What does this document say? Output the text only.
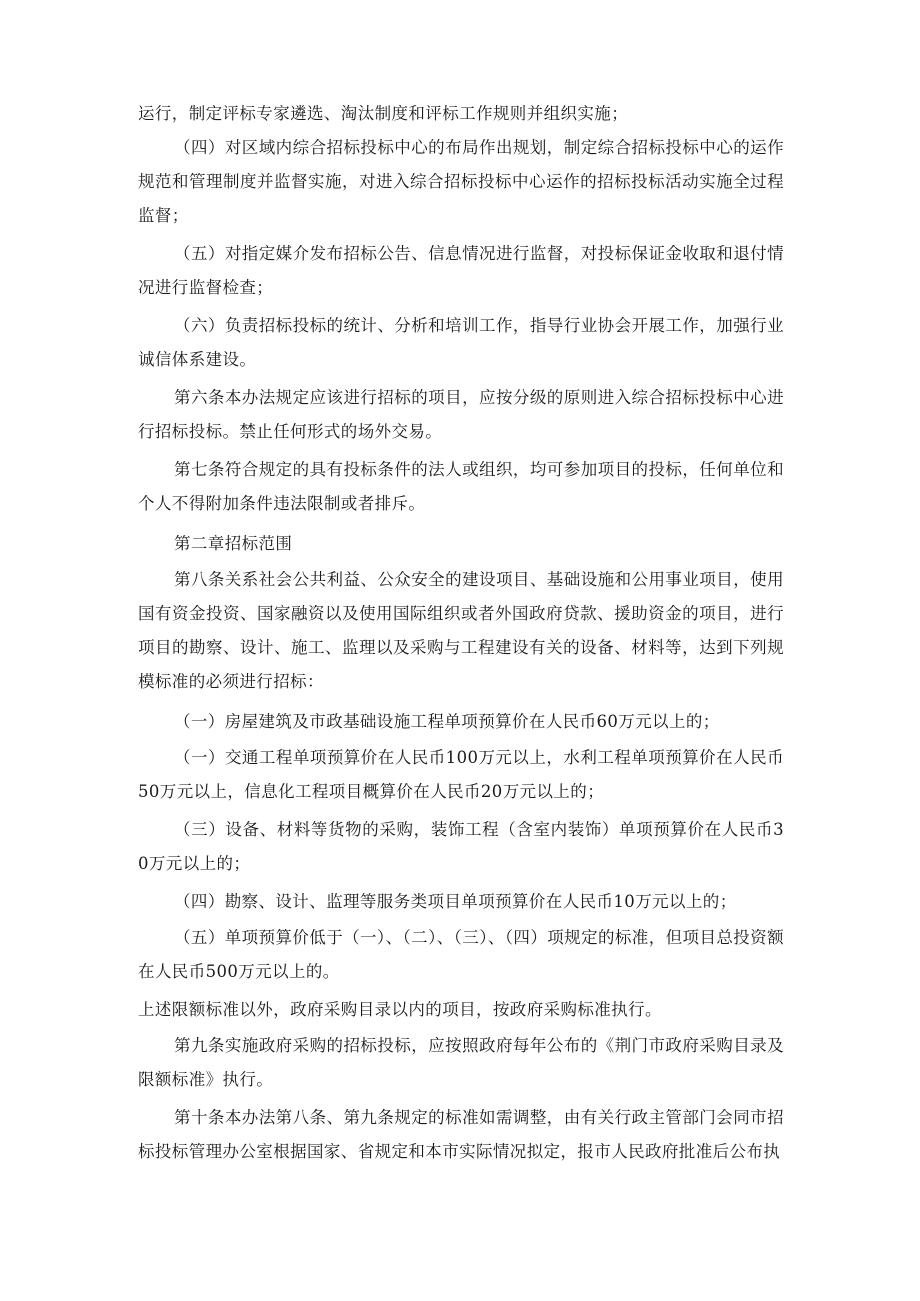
运行，制定评标专家遴选、淘汰制度和评标工作规则并组织实施；

（四）对区域内综合招标投标中心的布局作出规划，制定综合招标投标中心的运作规范和管理制度并监督实施，对进入综合招标投标中心运作的招标投标活动实施全过程监督；

（五）对指定媒介发布招标公告、信息情况进行监督，对投标保证金收取和退付情况进行监督检查；

（六）负责招标投标的统计、分析和培训工作，指导行业协会开展工作，加强行业诚信体系建设。

第六条本办法规定应该进行招标的项目，应按分级的原则进入综合招标投标中心进行招标投标。禁止任何形式的场外交易。

第七条符合规定的具有投标条件的法人或组织，均可参加项目的投标，任何单位和个人不得附加条件违法限制或者排斥。

第二章招标范围

第八条关系社会公共利益、公众安全的建设项目、基础设施和公用事业项目，使用国有资金投资、国家融资以及使用国际组织或者外国政府贷款、援助资金的项目，进行项目的勘察、设计、施工、监理以及采购与工程建设有关的设备、材料等，达到下列规模标准的必须进行招标：

（一）房屋建筑及市政基础设施工程单项预算价在人民币60万元以上的；

（一）交通工程单项预算价在人民币100万元以上，水利工程单项预算价在人民币50万元以上，信息化工程项目概算价在人民币20万元以上的；

（三）设备、材料等货物的采购，装饰工程（含室内装饰）单项预算价在人民币30万元以上的；

（四）勘察、设计、监理等服务类项目单项预算价在人民币10万元以上的；

（五）单项预算价低于（一）、（二）、（三）、（四）项规定的标准，但项目总投资额在人民币500万元以上的。

上述限额标准以外，政府采购目录以内的项目，按政府采购标准执行。

第九条实施政府采购的招标投标，应按照政府每年公布的《荆门市政府采购目录及限额标准》执行。

第十条本办法第八条、第九条规定的标准如需调整，由有关行政主管部门会同市招标投标管理办公室根据国家、省规定和本市实际情况拟定，报市人民政府批准后公布执
